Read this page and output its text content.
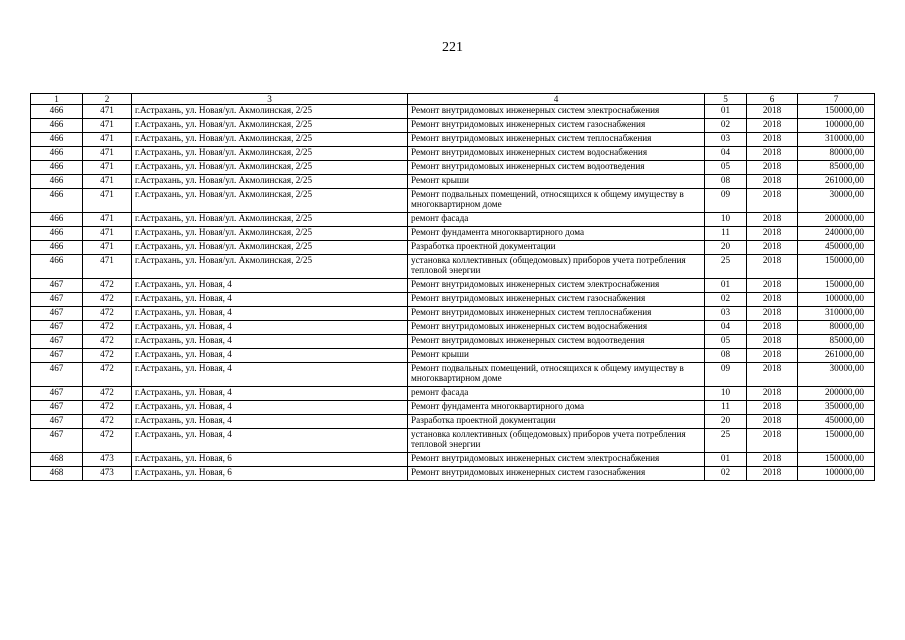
221
1	2	3	4	5	6	7
466	471	г.Астрахань, ул. Новая/ул. Акмолинская, 2/25	Ремонт внутридомовых инженерных систем электроснабжения	01	2018	150000,00
466	471	г.Астрахань, ул. Новая/ул. Акмолинская, 2/25	Ремонт внутридомовых инженерных систем газоснабжения	02	2018	100000,00
466	471	г.Астрахань, ул. Новая/ул. Акмолинская, 2/25	Ремонт внутридомовых инженерных систем теплоснабжения	03	2018	310000,00
466	471	г.Астрахань, ул. Новая/ул. Акмолинская, 2/25	Ремонт внутридомовых инженерных систем водоснабжения	04	2018	80000,00
466	471	г.Астрахань, ул. Новая/ул. Акмолинская, 2/25	Ремонт внутридомовых инженерных систем водоотведения	05	2018	85000,00
466	471	г.Астрахань, ул. Новая/ул. Акмолинская, 2/25	Ремонт крыши	08	2018	261000,00
466	471	г.Астрахань, ул. Новая/ул. Акмолинская, 2/25	Ремонт подвальных помещений, относящихся к общему имуществу в многоквартирном доме	09	2018	30000,00
466	471	г.Астрахань, ул. Новая/ул. Акмолинская, 2/25	ремонт фасада	10	2018	200000,00
466	471	г.Астрахань, ул. Новая/ул. Акмолинская, 2/25	Ремонт фундамента многоквартирного дома	11	2018	240000,00
466	471	г.Астрахань, ул. Новая/ул. Акмолинская, 2/25	Разработка проектной документации	20	2018	450000,00
466	471	г.Астрахань, ул. Новая/ул. Акмолинская, 2/25	установка коллективных (общедомовых) приборов учета потребления тепловой энергии	25	2018	150000,00
467	472	г.Астрахань, ул. Новая, 4	Ремонт внутридомовых инженерных систем электроснабжения	01	2018	150000,00
467	472	г.Астрахань, ул. Новая, 4	Ремонт внутридомовых инженерных систем газоснабжения	02	2018	100000,00
467	472	г.Астрахань, ул. Новая, 4	Ремонт внутридомовых инженерных систем теплоснабжения	03	2018	310000,00
467	472	г.Астрахань, ул. Новая, 4	Ремонт внутридомовых инженерных систем водоснабжения	04	2018	80000,00
467	472	г.Астрахань, ул. Новая, 4	Ремонт внутридомовых инженерных систем водоотведения	05	2018	85000,00
467	472	г.Астрахань, ул. Новая, 4	Ремонт крыши	08	2018	261000,00
467	472	г.Астрахань, ул. Новая, 4	Ремонт подвальных помещений, относящихся к общему имуществу в многоквартирном доме	09	2018	30000,00
467	472	г.Астрахань, ул. Новая, 4	ремонт фасада	10	2018	200000,00
467	472	г.Астрахань, ул. Новая, 4	Ремонт фундамента многоквартирного дома	11	2018	350000,00
467	472	г.Астрахань, ул. Новая, 4	Разработка проектной документации	20	2018	450000,00
467	472	г.Астрахань, ул. Новая, 4	установка коллективных (общедомовых) приборов учета потребления тепловой энергии	25	2018	150000,00
468	473	г.Астрахань, ул. Новая, 6	Ремонт внутридомовых инженерных систем электроснабжения	01	2018	150000,00
468	473	г.Астрахань, ул. Новая, 6	Ремонт внутридомовых инженерных систем газоснабжения	02	2018	100000,00
